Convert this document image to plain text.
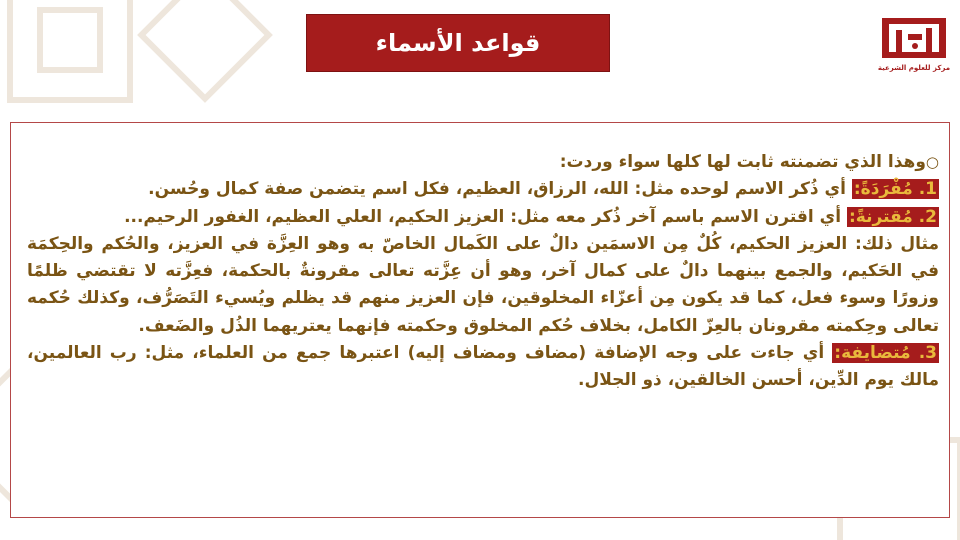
قواعد الأسماء
مركز للعلوم الشرعية

○وهذا الذي تضمنته ثابت لها كلها سواء وردت:

1. مُفْرَدَةً: أي ذُكر الاسم لوحده مثل: الله، الرزاق، العظيم، فكل اسم يتضمن صفة كمال وحُسن.

2. مُقترنةً: أي اقترن الاسم باسم آخر ذُكر معه مثل: العزيز الحكيم، العلي العظيم، الغفور الرحيم...

مثال ذلك: العزيز الحكيم، كُلٌ مِن الاسمَين دالٌ على الكَمال الخاصّ به وهو العِزَّة في العزيز، والحُكم والحِكمَة في الحَكيم، والجمع بينهما دالٌ على كمال آخر، وهو أن عِزَّته تعالى مقرونةٌ بالحكمة، فعِزَّته لا تقتضي ظلمًا وزورًا وسوء فعل، كما قد يكون مِن أعزّاء المخلوقين، فإن العزيز منهم قد يظلم ويُسيء التَصَرُّف، وكذلك حُكمه تعالى وحِكمته مقرونان بالعِزّ الكامل، بخلاف حُكم المخلوق وحكمته فإنهما يعتريهما الذُل والضَعف.

3. مُتضايفة: أي جاءت على وجه الإضافة (مضاف ومضاف إليه) اعتبرها جمع من العلماء، مثل: رب العالمين، مالك يوم الدِّين، أحسن الخالقين، ذو الجلال.
